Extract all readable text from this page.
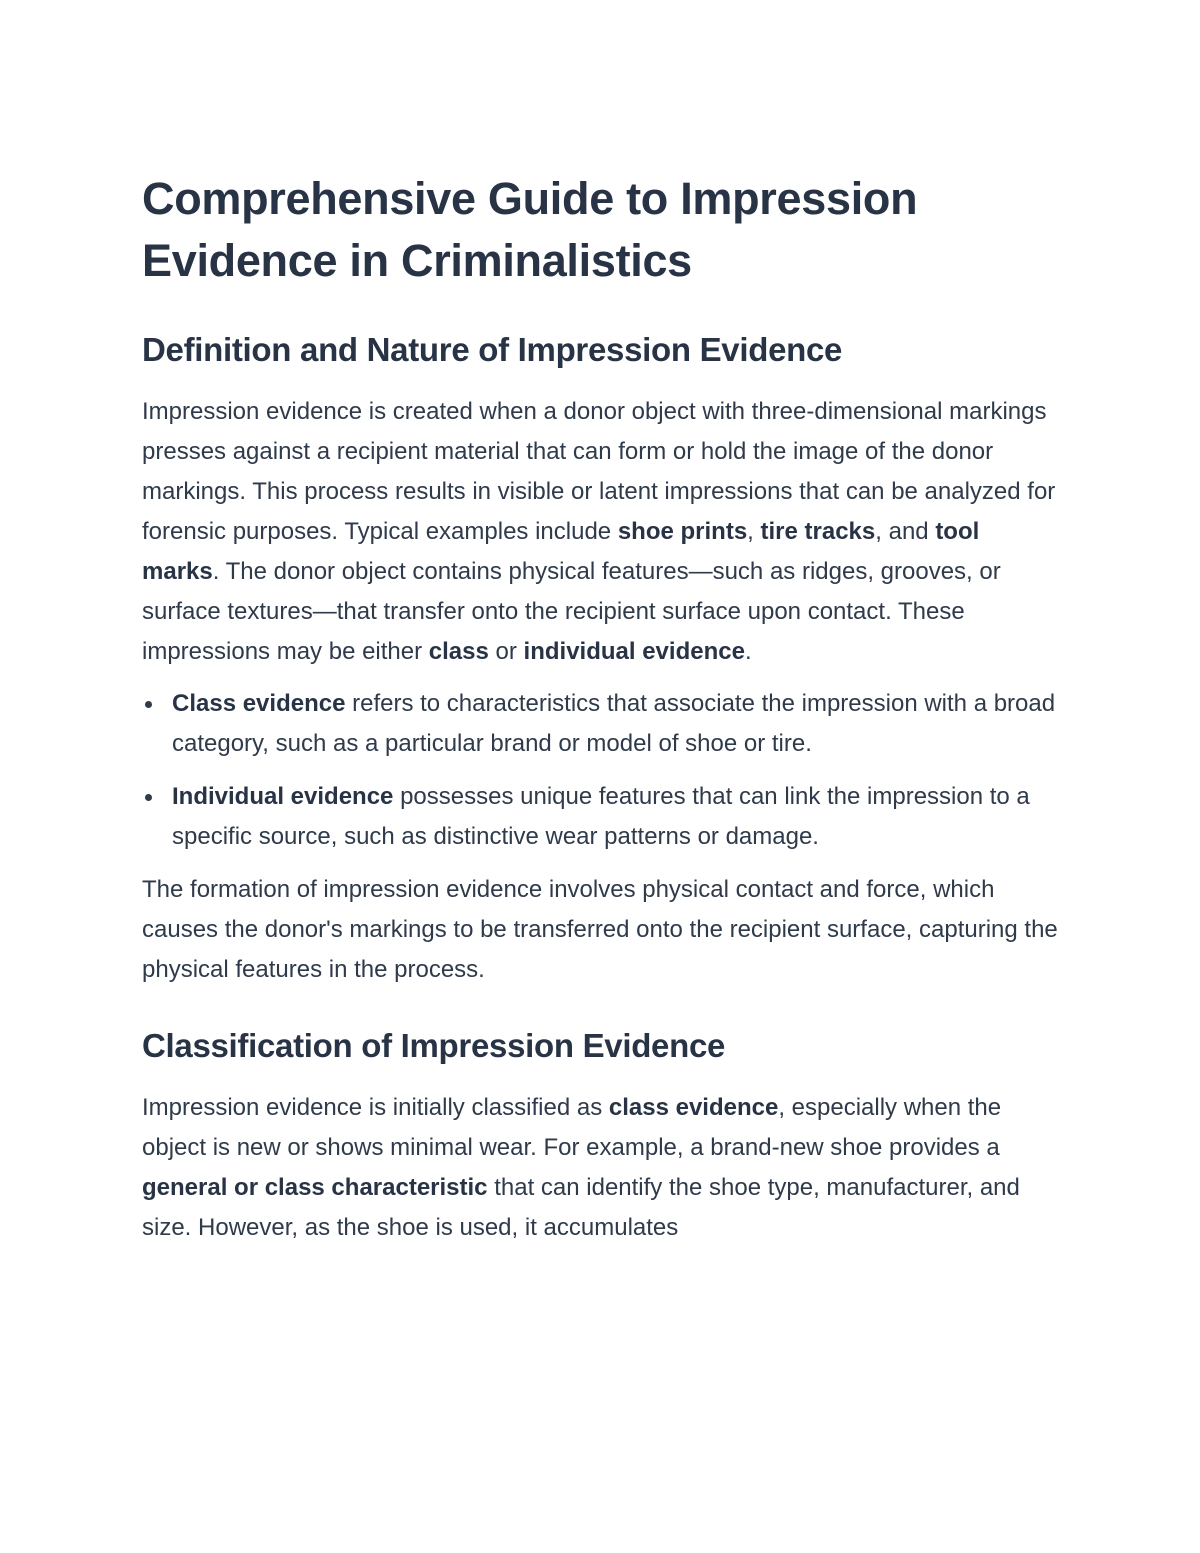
Comprehensive Guide to Impression Evidence in Criminalistics
Definition and Nature of Impression Evidence

Impression evidence is created when a donor object with three-dimensional markings presses against a recipient material that can form or hold the image of the donor markings. This process results in visible or latent impressions that can be analyzed for forensic purposes. Typical examples include shoe prints, tire tracks, and tool marks. The donor object contains physical features—such as ridges, grooves, or surface textures—that transfer onto the recipient surface upon contact. These impressions may be either class or individual evidence.

Class evidence refers to characteristics that associate the impression with a broad category, such as a particular brand or model of shoe or tire.
Individual evidence possesses unique features that can link the impression to a specific source, such as distinctive wear patterns or damage.

The formation of impression evidence involves physical contact and force, which causes the donor's markings to be transferred onto the recipient surface, capturing the physical features in the process.

Classification of Impression Evidence

Impression evidence is initially classified as class evidence, especially when the object is new or shows minimal wear. For example, a brand-new shoe provides a general or class characteristic that can identify the shoe type, manufacturer, and size. However, as the shoe is used, it accumulates
